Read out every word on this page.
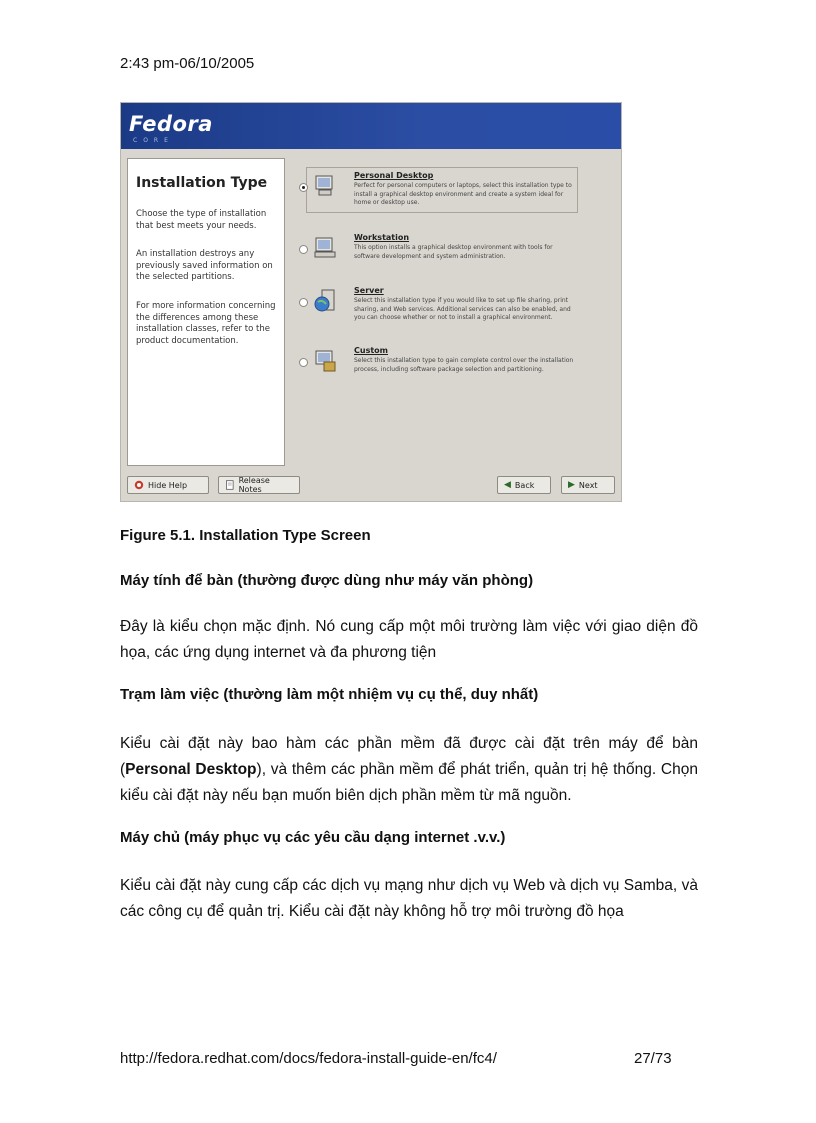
2:43 pm-06/10/2005
Fedora
CORE
Installation Type
Choose the type of installation that best meets your needs.
An installation destroys any previously saved information on the selected partitions.
For more information concerning the differences among these installation classes, refer to the product documentation.
Personal Desktop
Perfect for personal computers or laptops, select this installation type to install a graphical desktop environment and create a system ideal for home or desktop use.
Workstation
This option installs a graphical desktop environment with tools for software development and system administration.
Server
Select this installation type if you would like to set up file sharing, print sharing, and Web services. Additional services can also be enabled, and you can choose whether or not to install a graphical environment.
Custom
Select this installation type to gain complete control over the installation process, including software package selection and partitioning.
Hide Help	Release Notes	◀ Back	▶ Next
Figure 5.1. Installation Type Screen
Máy tính để bàn (thường được dùng như máy văn phòng)
Đây là kiểu chọn mặc định. Nó cung cấp một môi trường làm việc với giao diện đồ họa, các ứng dụng internet và đa phương tiện
Trạm làm việc (thường làm một nhiệm vụ cụ thể, duy nhất)
Kiểu cài đặt này bao hàm các phần mềm đã được cài đặt trên máy để bàn (Personal Desktop), và thêm các phần mềm để phát triển, quản trị hệ thống. Chọn kiểu cài đặt này nếu bạn muốn biên dịch phần mềm từ mã nguồn.
Máy chủ (máy phục vụ các yêu cầu dạng internet .v.v.)
Kiểu cài đặt này cung cấp các dịch vụ mạng như dịch vụ Web và dịch vụ Samba, và các công cụ để quản trị. Kiểu cài đặt này không hỗ trợ môi trường đồ họa
http://fedora.redhat.com/docs/fedora-install-guide-en/fc4/	27/73
